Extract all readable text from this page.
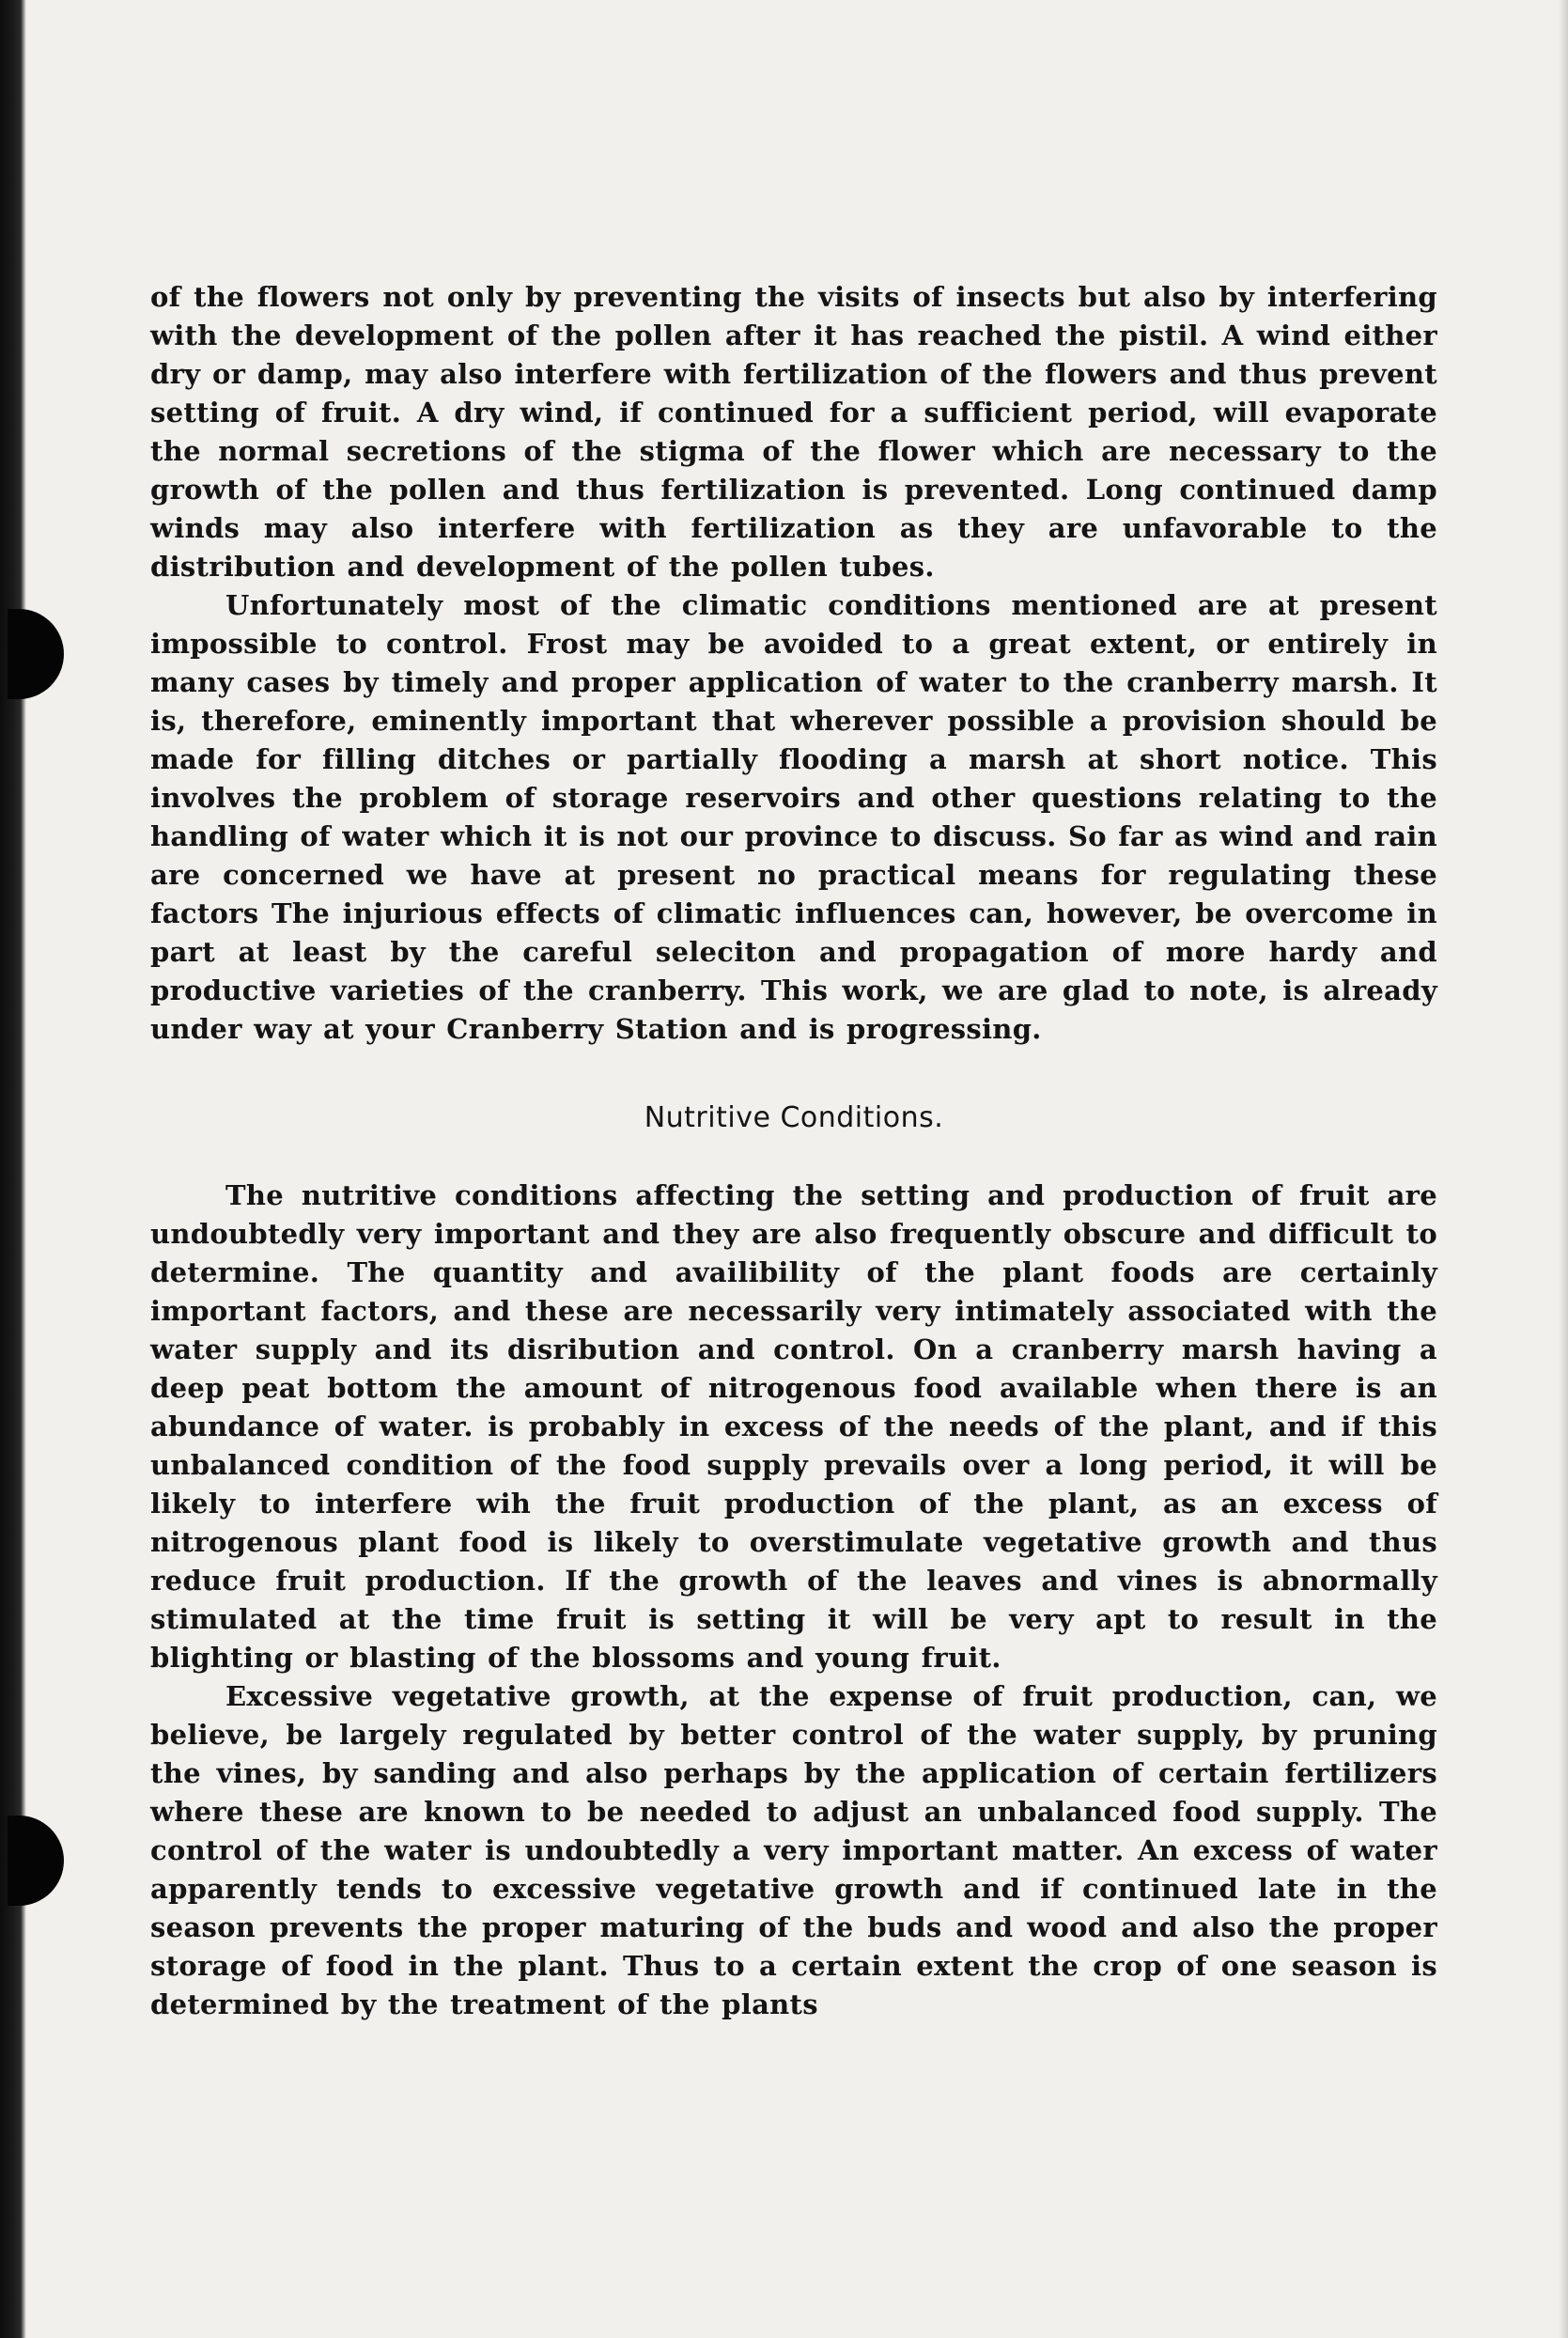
of the flowers not only by preventing the visits of insects but also by interfering with the development of the pollen after it has reached the pistil. A wind either dry or damp, may also interfere with fertilization of the flowers and thus prevent setting of fruit. A dry wind, if continued for a sufficient period, will evaporate the normal secretions of the stigma of the flower which are necessary to the growth of the pollen and thus fertilization is prevented. Long continued damp winds may also interfere with fertilization as they are unfavorable to the distribution and development of the pollen tubes.

Unfortunately most of the climatic conditions mentioned are at present impossible to control. Frost may be avoided to a great extent, or entirely in many cases by timely and proper application of water to the cranberry marsh. It is, therefore, eminently important that wherever possible a provision should be made for filling ditches or partially flooding a marsh at short notice. This involves the problem of storage reservoirs and other questions relating to the handling of water which it is not our province to discuss. So far as wind and rain are concerned we have at present no practical means for regulating these factors The injurious effects of climatic influences can, however, be overcome in part at least by the careful seleciton and propagation of more hardy and productive varieties of the cranberry. This work, we are glad to note, is already under way at your Cranberry Station and is progressing.

Nutritive Conditions.

The nutritive conditions affecting the setting and production of fruit are undoubtedly very important and they are also frequently obscure and difficult to determine. The quantity and availibility of the plant foods are certainly important factors, and these are necessarily very intimately associated with the water supply and its disribution and control. On a cranberry marsh having a deep peat bottom the amount of nitrogenous food available when there is an abundance of water. is probably in excess of the needs of the plant, and if this unbalanced condition of the food supply prevails over a long period, it will be likely to interfere wih the fruit production of the plant, as an excess of nitrogenous plant food is likely to overstimulate vegetative growth and thus reduce fruit production. If the growth of the leaves and vines is abnormally stimulated at the time fruit is setting it will be very apt to result in the blighting or blasting of the blossoms and young fruit.

Excessive vegetative growth, at the expense of fruit production, can, we believe, be largely regulated by better control of the water supply, by pruning the vines, by sanding and also perhaps by the application of certain fertilizers where these are known to be needed to adjust an unbalanced food supply. The control of the water is undoubtedly a very important matter. An excess of water apparently tends to excessive vegetative growth and if continued late in the season prevents the proper maturing of the buds and wood and also the proper storage of food in the plant. Thus to a certain extent the crop of one season is determined by the treatment of the plants
